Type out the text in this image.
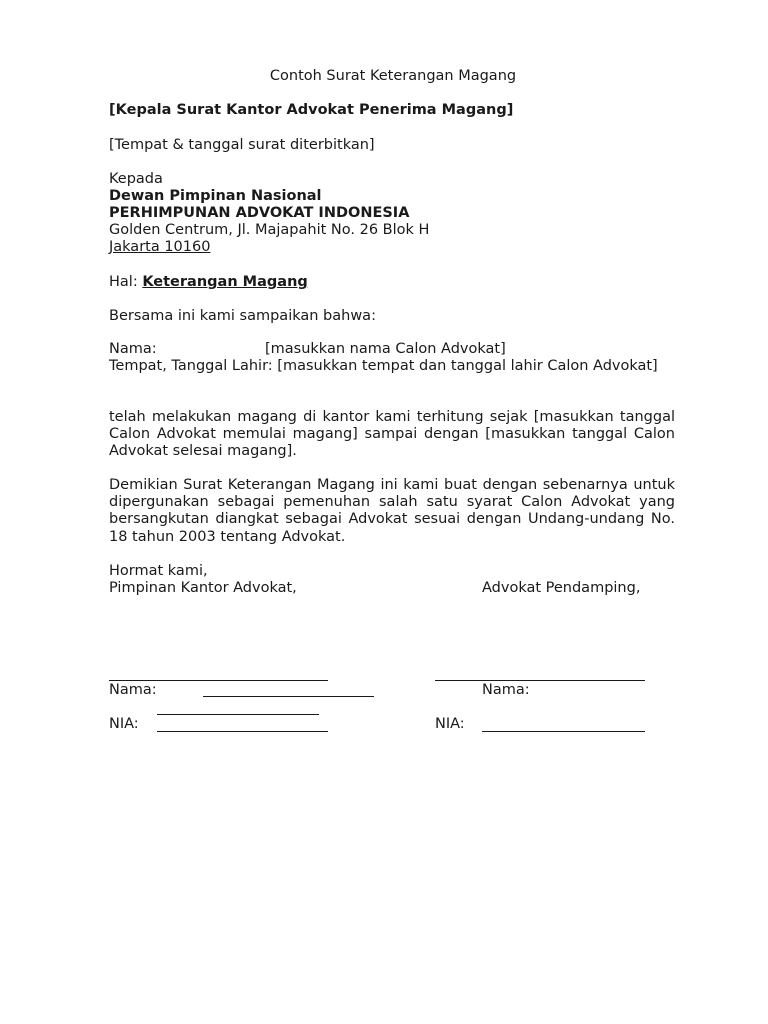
Contoh Surat Keterangan Magang
[Kepala Surat Kantor Advokat Penerima Magang]
[Tempat & tanggal surat diterbitkan]
Kepada
Dewan Pimpinan Nasional
PERHIMPUNAN ADVOKAT INDONESIA
Golden Centrum, Jl. Majapahit No. 26 Blok H
Jakarta 10160
Hal: Keterangan Magang
Bersama ini kami sampaikan bahwa:
Nama:	[masukkan nama Calon Advokat]
Tempat, Tanggal Lahir: [masukkan tempat dan tanggal lahir Calon Advokat]
telah melakukan magang di kantor kami terhitung sejak [masukkan tanggal Calon Advokat memulai magang] sampai dengan [masukkan tanggal Calon Advokat selesai magang].
Demikian Surat Keterangan Magang ini kami buat dengan sebenarnya untuk dipergunakan sebagai pemenuhan salah satu syarat Calon Advokat yang bersangkutan diangkat sebagai Advokat sesuai dengan Undang-undang No. 18 tahun 2003 tentang Advokat.
Hormat kami,
Pimpinan Kantor Advokat,	Advokat Pendamping,
Nama:	Nama:
NIA:	NIA:
